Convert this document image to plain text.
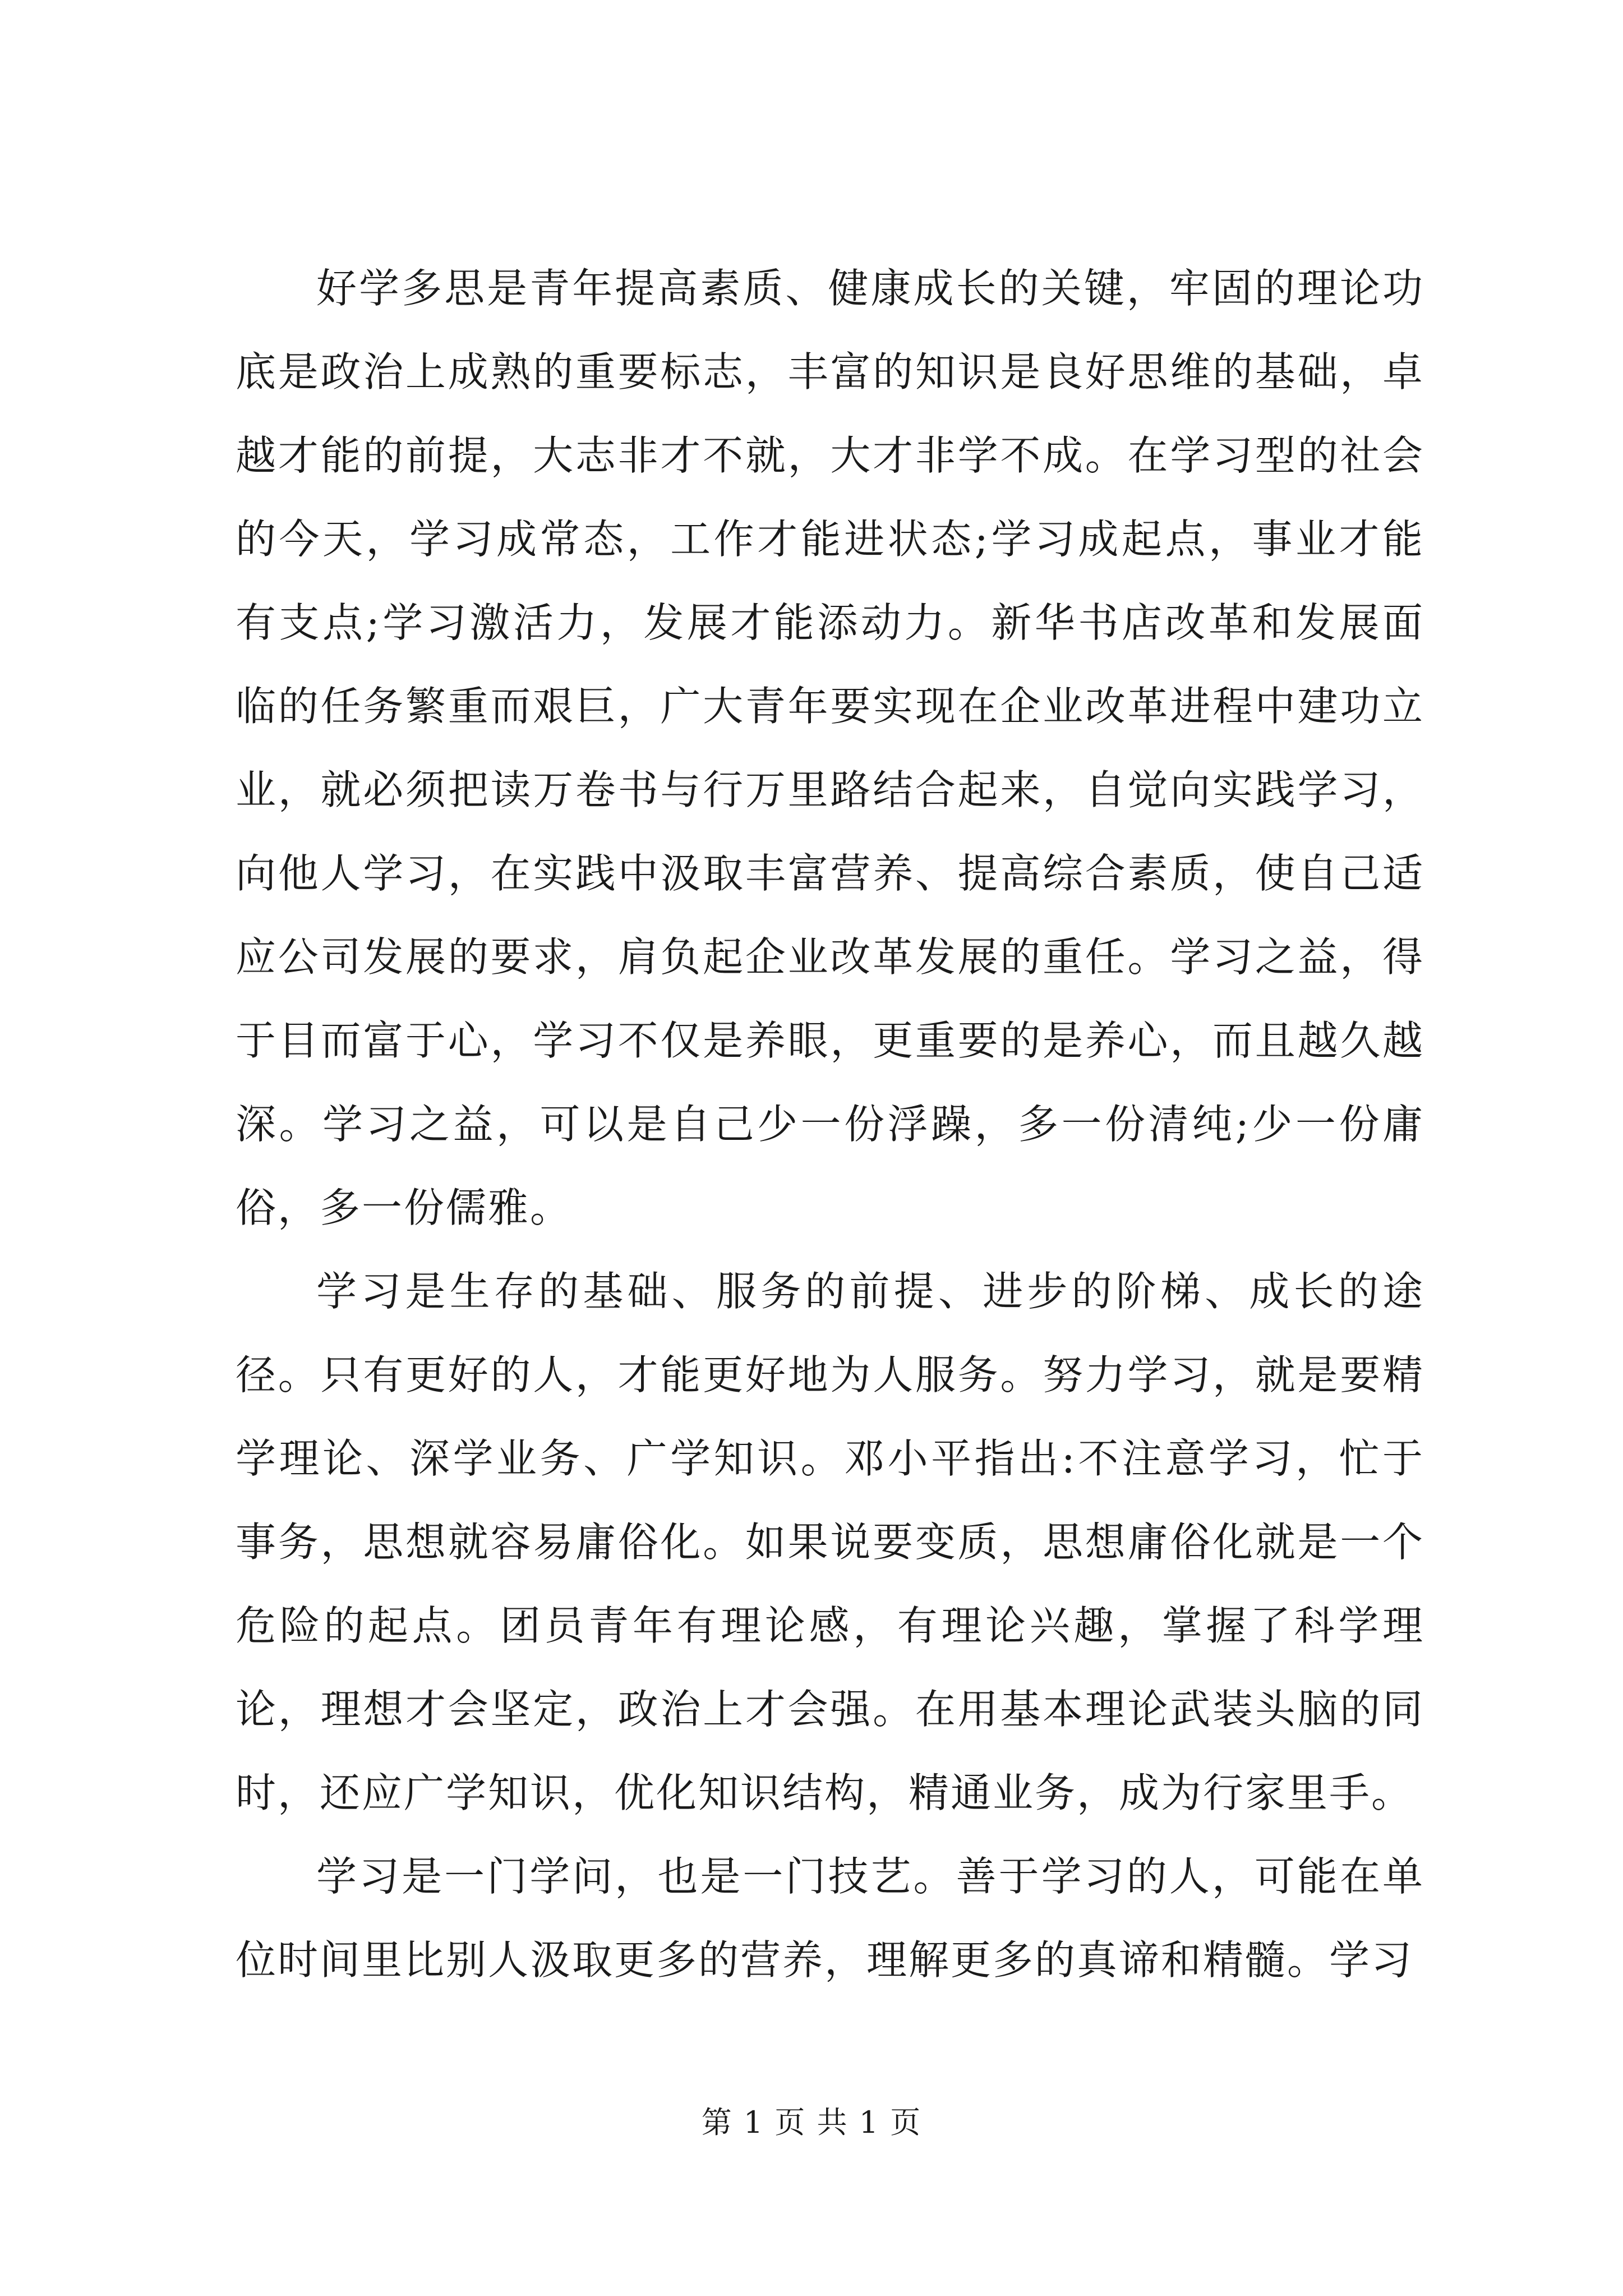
好学多思是青年提高素质、健康成长的关键，牢固的理论功底是政治上成熟的重要标志，丰富的知识是良好思维的基础，卓越才能的前提，大志非才不就，大才非学不成。在学习型的社会的今天，学习成常态，工作才能进状态;学习成起点，事业才能有支点;学习激活力，发展才能添动力。新华书店改革和发展面临的任务繁重而艰巨，广大青年要实现在企业改革进程中建功立业，就必须把读万卷书与行万里路结合起来，自觉向实践学习，向他人学习，在实践中汲取丰富营养、提高综合素质，使自己适应公司发展的要求，肩负起企业改革发展的重任。学习之益，得于目而富于心，学习不仅是养眼，更重要的是养心，而且越久越深。学习之益，可以是自己少一份浮躁，多一份清纯;少一份庸俗，多一份儒雅。

学习是生存的基础、服务的前提、进步的阶梯、成长的途径。只有更好的人，才能更好地为人服务。努力学习，就是要精学理论、深学业务、广学知识。邓小平指出:不注意学习，忙于事务，思想就容易庸俗化。如果说要变质，思想庸俗化就是一个危险的起点。团员青年有理论感，有理论兴趣，掌握了科学理论，理想才会坚定，政治上才会强。在用基本理论武装头脑的同时，还应广学知识，优化知识结构，精通业务，成为行家里手。

学习是一门学问，也是一门技艺。善于学习的人，可能在单位时间里比别人汲取更多的营养，理解更多的真谛和精髓。学习

第 1 页 共 1 页
